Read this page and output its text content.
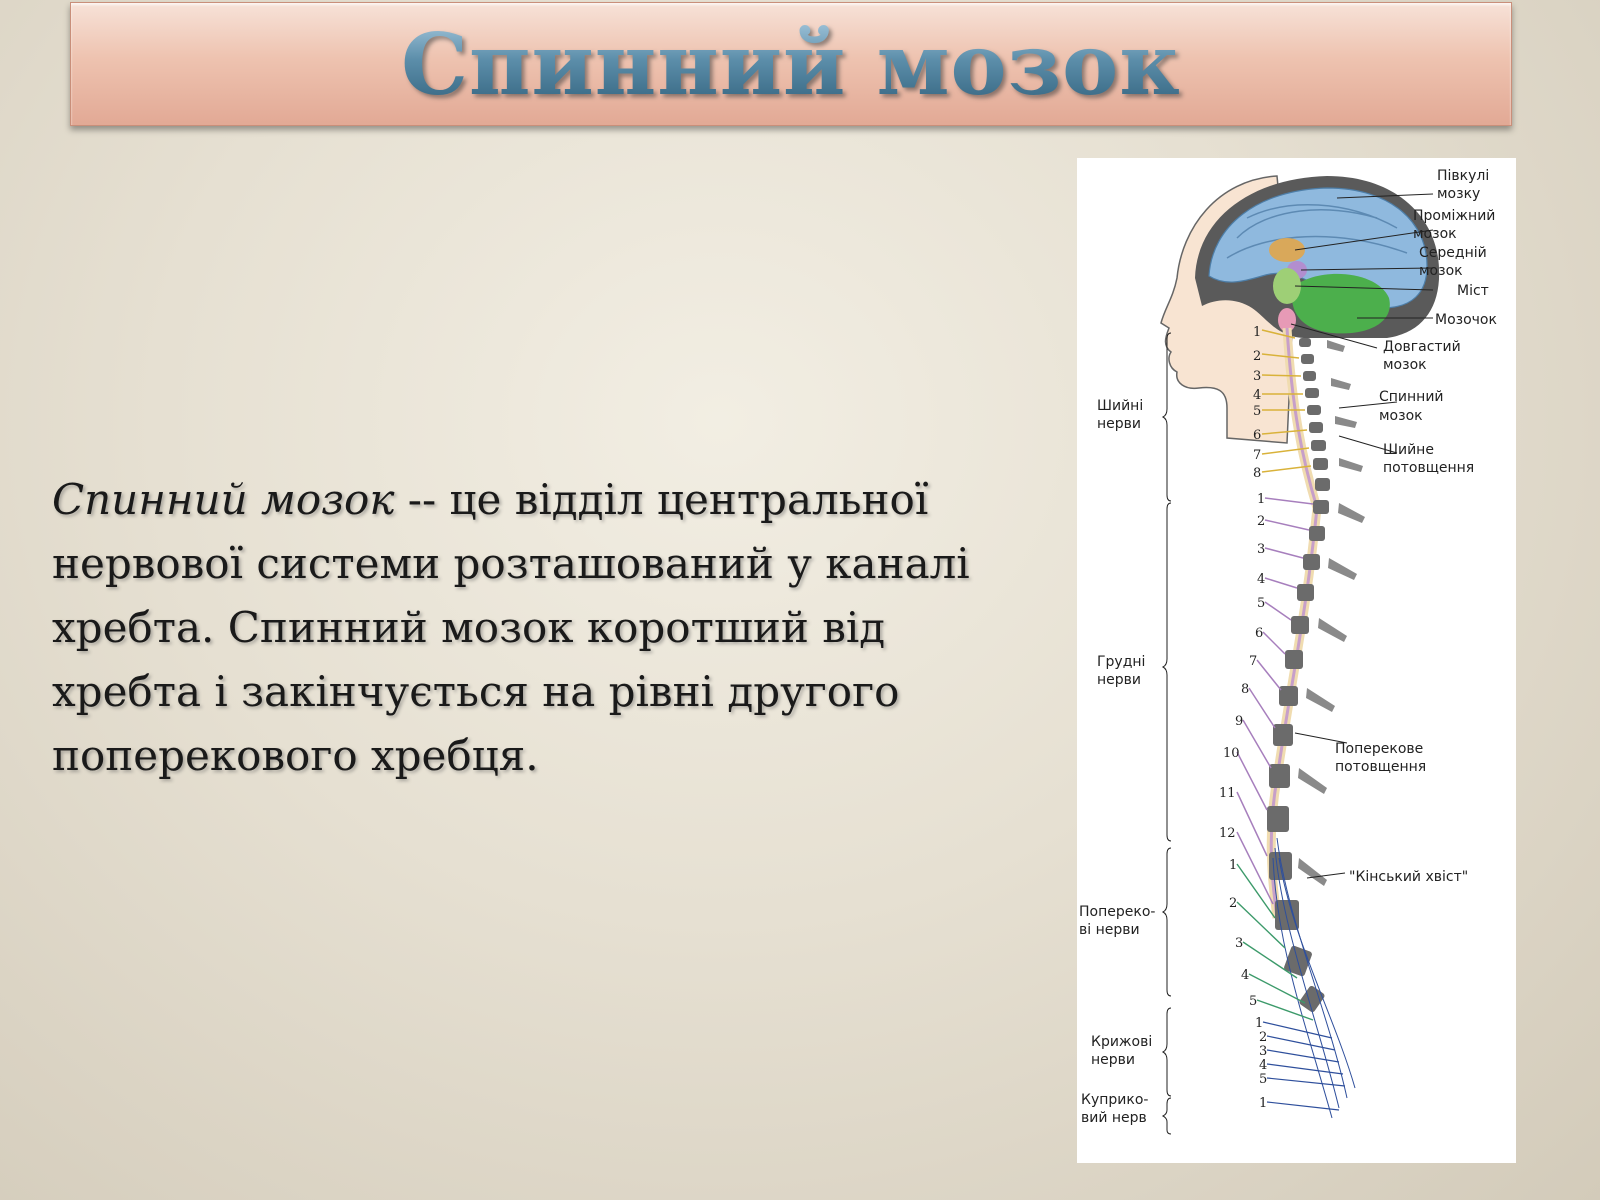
Спинний мозок
Спинний мозок -- це відділ центральної нервової системи розташований у каналі хребта. Спинний мозок коротший від хребта і закінчується на рівні другого поперекового хребця.
Півкулі
мозку
Проміжний
мозок
Середній
мозок
Міст
Мозочок
Довгастий
мозок
Спинний
мозок
Шийне
потовщення
Поперекове
потовщення
"Кінський хвіст"
Шийні
нерви
Грудні
нерви
Попереко-
ві нерви
Крижові
нерви
Куприко-
вий нерв
1
2
3
4
5
6
7
8
1
2
3
4
5
6
7
8
9
10
11
12
1
2
3
4
5
1
2
3
4
5
1
